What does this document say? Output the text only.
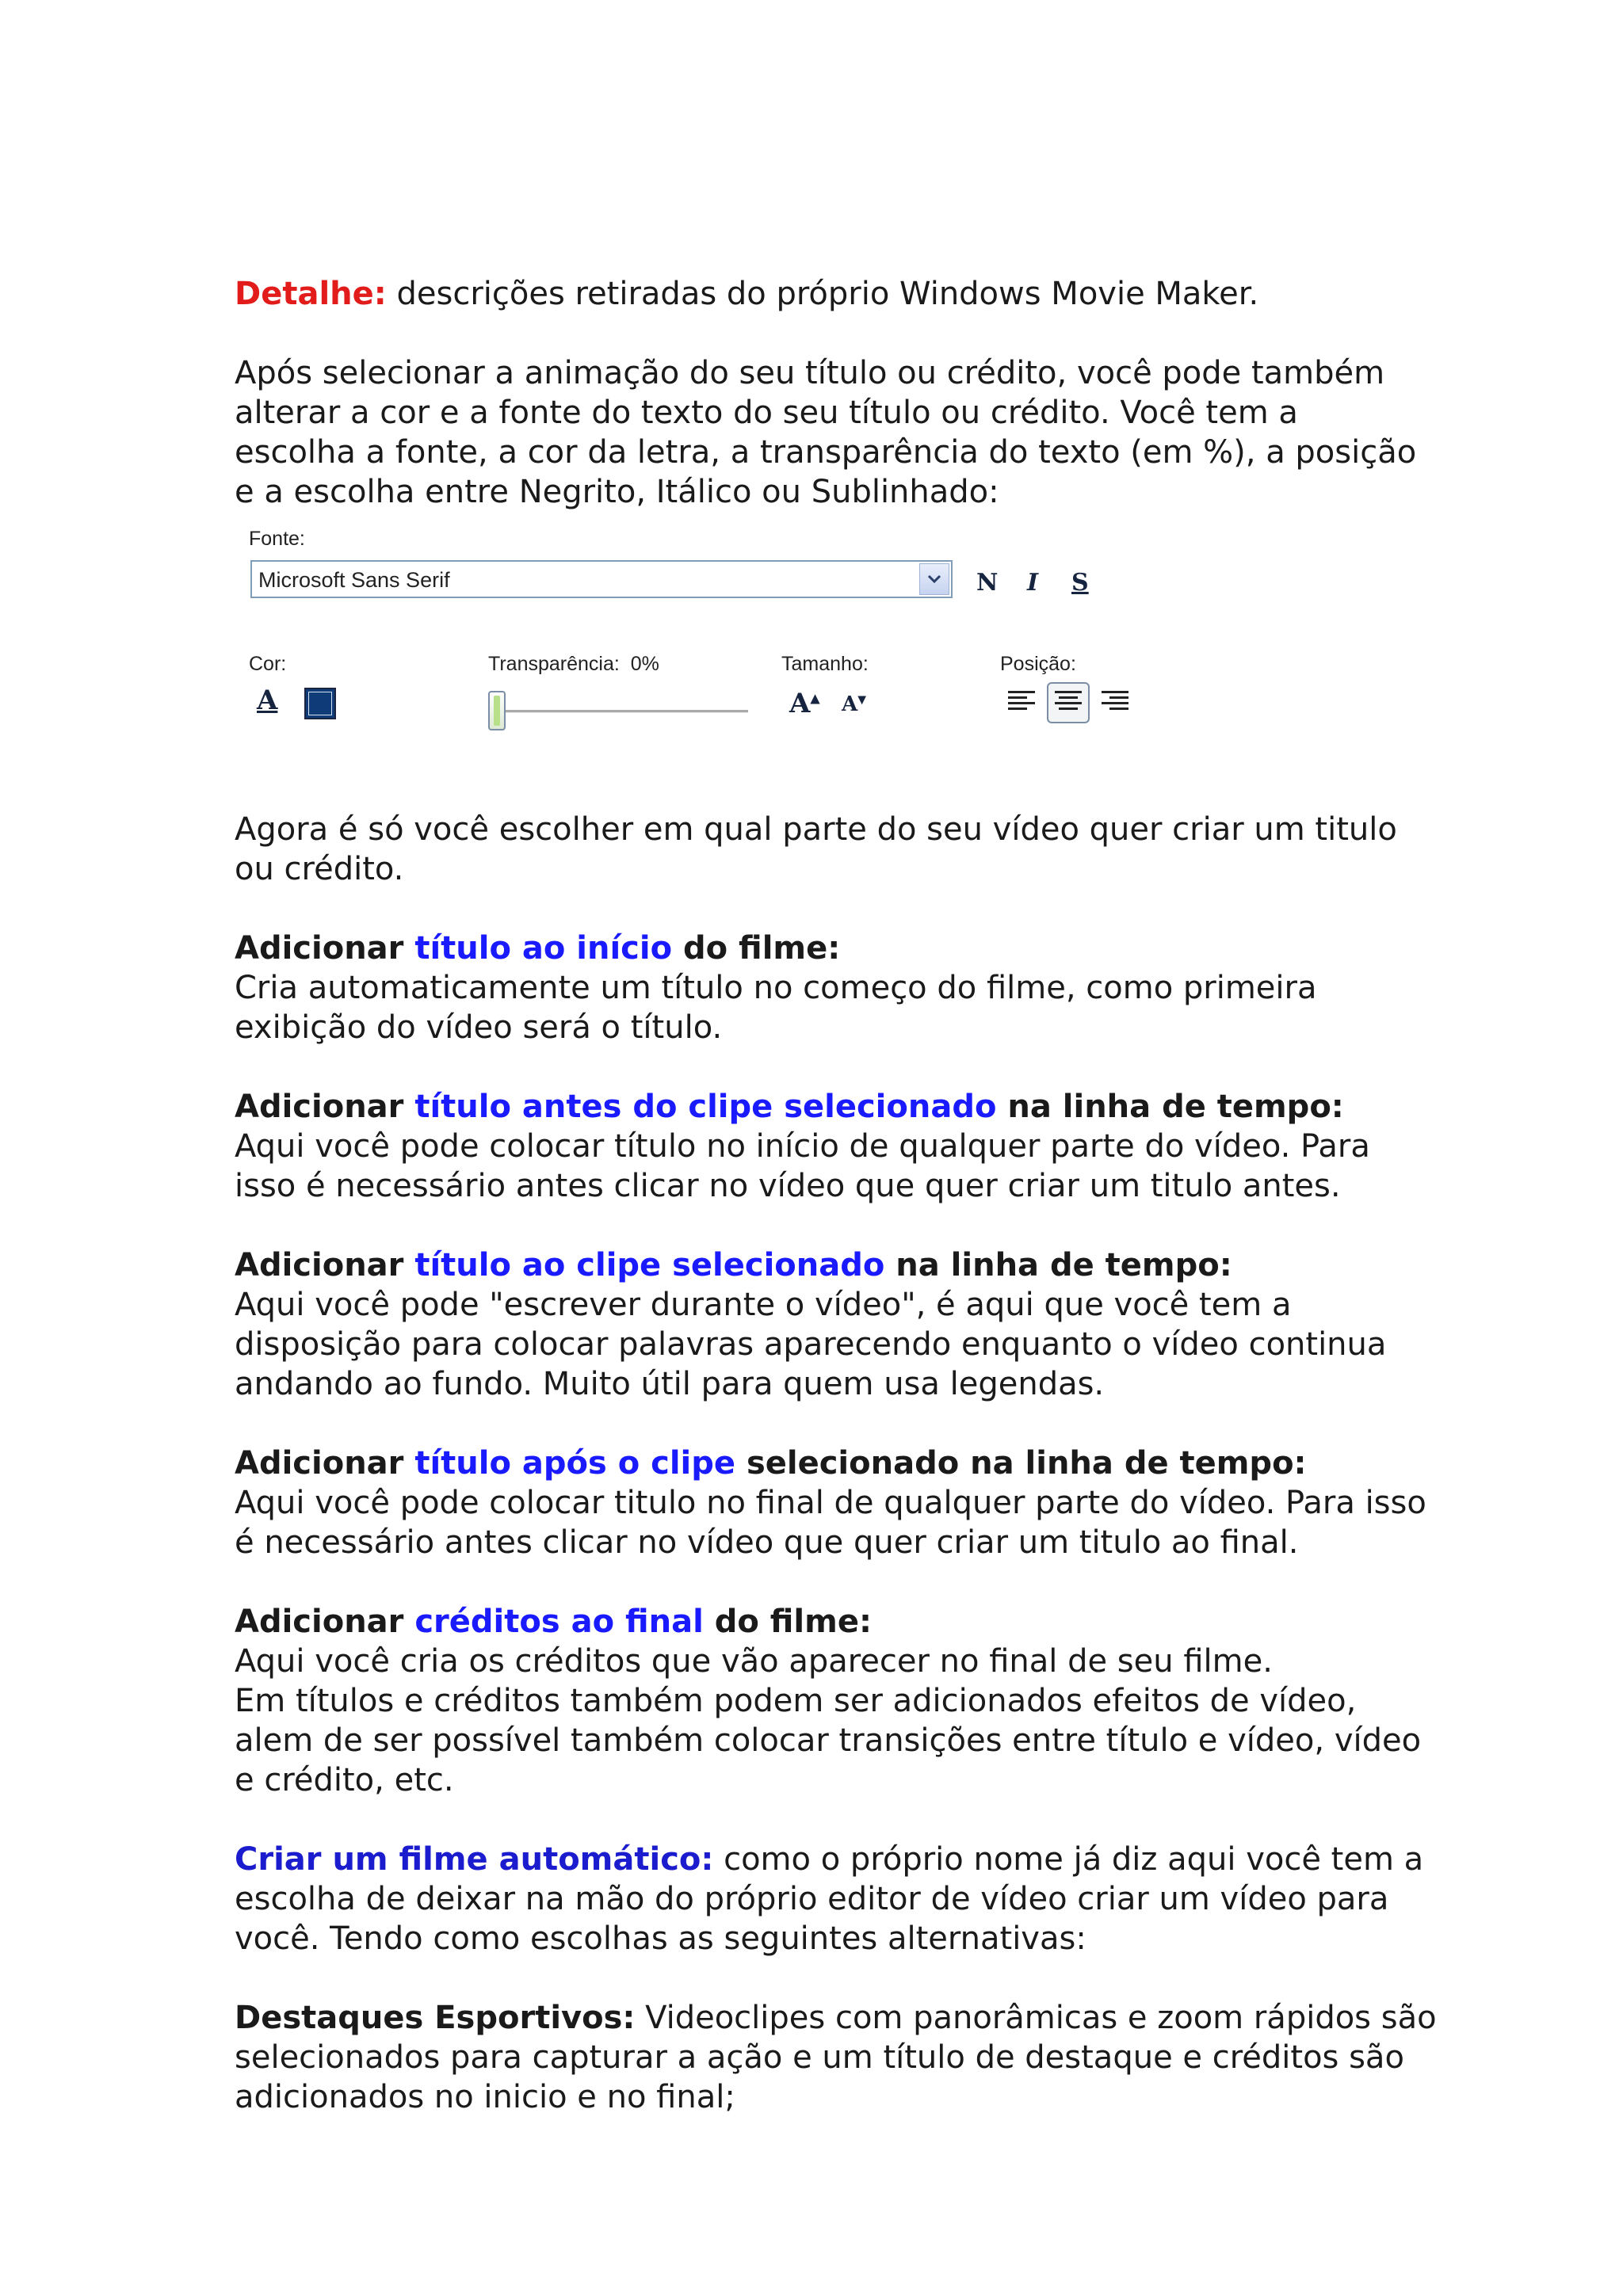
Detalhe: descrições retiradas do próprio Windows Movie Maker.

Após selecionar a animação do seu título ou crédito, você pode também

alterar a cor e a fonte do texto do seu título ou crédito. Você tem a

escolha a fonte, a cor da letra, a transparência do texto (em %), a posição

e a escolha entre Negrito, Itálico ou Sublinhado:

Fonte:
Microsoft Sans Serif	N I S
Cor:
A
Transparência: 0%	Tamanho:
A▲ A▼
Posição:

Agora é só você escolher em qual parte do seu vídeo quer criar um titulo

ou crédito.

Adicionar título ao início do filme:

Cria automaticamente um título no começo do filme, como primeira

exibição do vídeo será o título.

Adicionar título antes do clipe selecionado na linha de tempo:

Aqui você pode colocar título no início de qualquer parte do vídeo. Para

isso é necessário antes clicar no vídeo que quer criar um titulo antes.

Adicionar título ao clipe selecionado na linha de tempo:

Aqui você pode "escrever durante o vídeo", é aqui que você tem a

disposição para colocar palavras aparecendo enquanto o vídeo continua

andando ao fundo. Muito útil para quem usa legendas.

Adicionar título após o clipe selecionado na linha de tempo:

Aqui você pode colocar titulo no final de qualquer parte do vídeo. Para isso

é necessário antes clicar no vídeo que quer criar um titulo ao final.

Adicionar créditos ao final do filme:

Aqui você cria os créditos que vão aparecer no final de seu filme.

Em títulos e créditos também podem ser adicionados efeitos de vídeo,

alem de ser possível também colocar transições entre título e vídeo, vídeo

e crédito, etc.

Criar um filme automático: como o próprio nome já diz aqui você tem a

escolha de deixar na mão do próprio editor de vídeo criar um vídeo para

você. Tendo como escolhas as seguintes alternativas:

Destaques Esportivos: Videoclipes com panorâmicas e zoom rápidos são

selecionados para capturar a ação e um título de destaque e créditos são

adicionados no inicio e no final;
